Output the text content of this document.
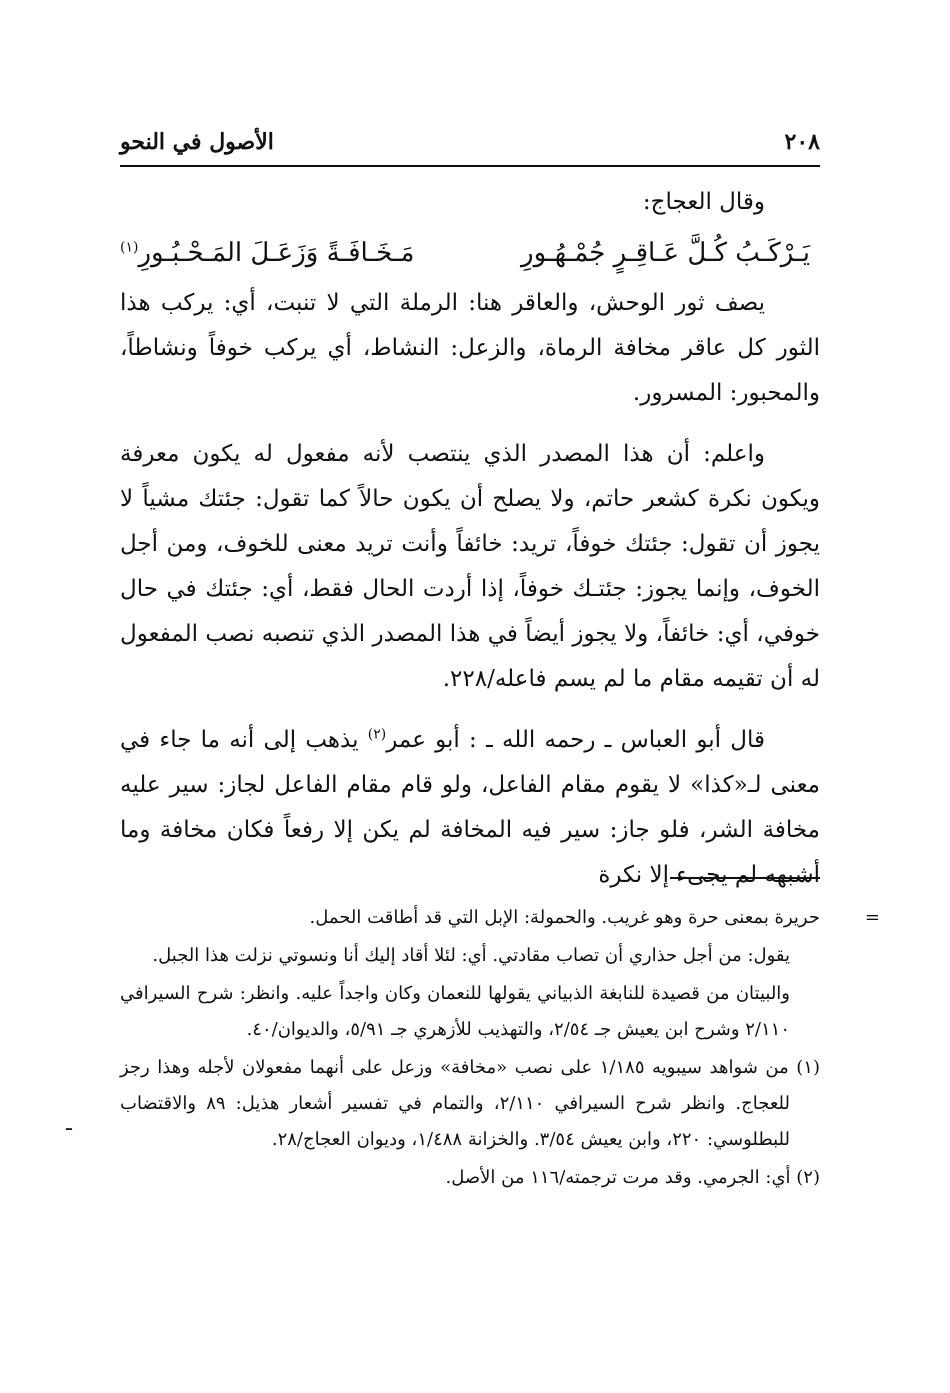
٢٠٨
الأصول في النحو

وقال العجاج:

يَـرْكَـبُ كُـلَّ عَـاقِـرٍ جُمْـهُـورِ
مَـخَـافَـةً وَزَعَـلَ المَـحْـبُـورِ$^{(١)}$

يصف ثور الوحش، والعاقر هنا: الرملة التي لا تنبت، أي: يركب هذا الثور كل عاقر مخافة الرماة، والزعل: النشاط، أي يركب خوفاً ونشاطاً، والمحبور: المسرور.

واعلم: أن هذا المصدر الذي ينتصب لأنه مفعول له يكون معرفة ويكون نكرة كشعر حاتم، ولا يصلح أن يكون حالاً كما تقول: جئتك مشياً لا يجوز أن تقول: جئتك خوفاً، تريد: خائفاً وأنت تريد معنى للخوف، ومن أجل الخوف، وإنما يجوز: جئتـك خوفاً، إذا أردت الحال فقط، أي: جئتك في حال خوفي، أي: خائفاً، ولا يجوز أيضاً في هذا المصدر الذي تنصبه نصب المفعول له أن تقيمه مقام ما لم يسم فاعله/٢٢٨.

قال أبو العباس ـ رحمه الله ـ : أبو عمر$^{(٢)}$ يذهب إلى أنه ما جاء في معنى لـ«كذا» لا يقوم مقام الفاعل، ولو قام مقام الفاعل لجاز: سير عليه مخافة الشر، فلو جاز: سير فيه المخافة لم يكن إلا رفعاً فكان مخافة وما أشبهه لم يجىء إلا نكرة

=حريرة بمعنى حرة وهو غريب. والحمولة: الإبل التي قد أطاقت الحمل.

يقول: من أجل حذاري أن تصاب مقادتي. أي: لئلا أقاد إليك أنا ونسوتي نزلت هذا الجبل.

والبيتان من قصيدة للنابغة الذبياني يقولها للنعمان وكان واجداً عليه. وانظر: شرح السيرافي ٢/١١٠ وشرح ابن يعيش جـ ٢/٥٤، والتهذيب للأزهري جـ ٥/٩١، والديوان/٤٠.

(١) من شواهد سيبويه ١/١٨٥ على نصب «مخافة» وزعل على أنهما مفعولان لأجله وهذا رجز للعجاج. وانظر شرح السيرافي ٢/١١٠، والتمام في تفسير أشعار هذيل: ٨٩ والاقتضاب للبطلوسي: ٢٢٠، وابن يعيش ٣/٥٤. والخزانة ١/٤٨٨، وديوان العجاج/٢٨.

(٢) أي: الجرمي. وقد مرت ترجمته/١١٦ من الأصل.

ـ
